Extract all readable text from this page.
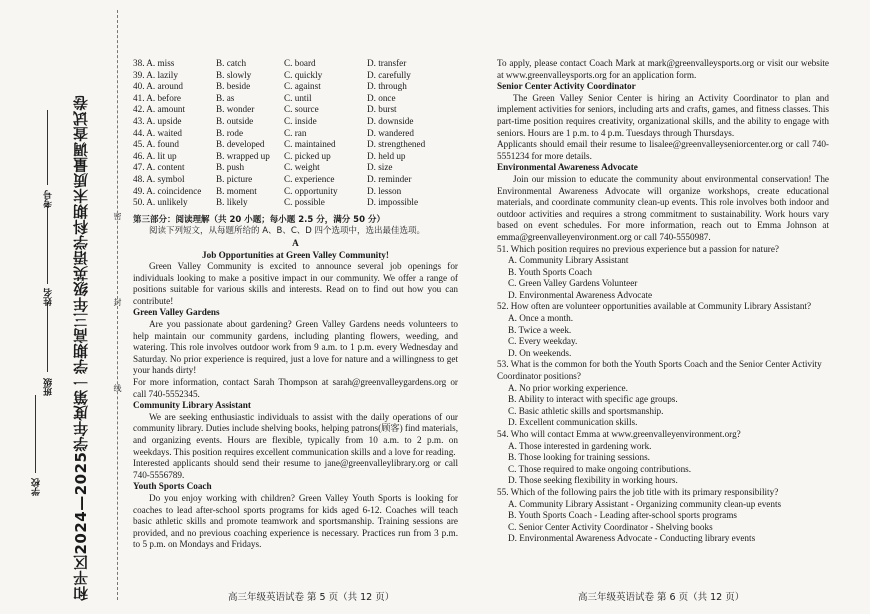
和平区2024—2025学年度第一学期高三年级英语学科期末质量调查试卷
学校
班级
姓名
考号
密
封
线
38. A. miss	B. catch	C. board	D. transfer
39. A. lazily	B. slowly	C. quickly	D. carefully
40. A. around	B. beside	C. against	D. through
41. A. before	B. as	C. until	D. once
42. A. amount	B. wonder	C. source	D. burst
43. A. upside	B. outside	C. inside	D. downside
44. A. waited	B. rode	C. ran	D. wandered
45. A. found	B. developed	C. maintained	D. strengthened
46. A. lit up	B. wrapped up	C. picked up	D. held up
47. A. content	B. push	C. weight	D. size
48. A. symbol	B. picture	C. experience	D. reminder
49. A. coincidence	B. moment	C. opportunity	D. lesson
50. A. unlikely	B. likely	C. possible	D. impossible
第三部分：阅读理解（共 20 小题；每小题 2.5 分，满分 50 分）
阅读下列短文，从每题所给的 A、B、C、D 四个选项中，选出最佳选项。
A
Job Opportunities at Green Valley Community!

Green Valley Community is excited to announce several job openings for individuals looking to make a positive impact in our community. We offer a range of positions suitable for various skills and interests. Read on to find out how you can contribute!

Green Valley Gardens

Are you passionate about gardening? Green Valley Gardens needs volunteers to help maintain our community gardens, including planting flowers, weeding, and watering. This role involves outdoor work from 9 a.m. to 1 p.m. every Wednesday and Saturday. No prior experience is required, just a love for nature and a willingness to get your hands dirty!

For more information, contact Sarah Thompson at sarah@greenvalleygardens.org or call 740-5552345.

Community Library Assistant

We are seeking enthusiastic individuals to assist with the daily operations of our community library. Duties include shelving books, helping patrons(顾客) find materials, and organizing events. Hours are flexible, typically from 10 a.m. to 2 p.m. on weekdays. This position requires excellent communication skills and a love for reading.

Interested applicants should send their resume to jane@greenvalleylibrary.org or call 740-5556789.

Youth Sports Coach

Do you enjoy working with children? Green Valley Youth Sports is looking for coaches to lead after-school sports programs for kids aged 6-12. Coaches will teach basic athletic skills and promote teamwork and sportsmanship. Training sessions are provided, and no previous coaching experience is necessary. Practices run from 3 p.m. to 5 p.m. on Mondays and Fridays.

To apply, please contact Coach Mark at mark@greenvalleysports.org or visit our website at www.greenvalleysports.org for an application form.

Senior Center Activity Coordinator

The Green Valley Senior Center is hiring an Activity Coordinator to plan and implement activities for seniors, including arts and crafts, games, and fitness classes. This part-time position requires creativity, organizational skills, and the ability to engage with seniors. Hours are 1 p.m. to 4 p.m. Tuesdays through Thursdays.

Applicants should email their resume to lisalee@greenvalleyseniorcenter.org or call 740-5551234 for more details.

Environmental Awareness Advocate

Join our mission to educate the community about environmental conservation! The Environmental Awareness Advocate will organize workshops, create educational materials, and coordinate community clean-up events. This role involves both indoor and outdoor activities and requires a strong commitment to sustainability. Work hours vary based on event schedules. For more information, reach out to Emma Johnson at emma@greenvalleyenvironment.org or call 740-5550987.

51. Which position requires no previous experience but a passion for nature?
A. Community Library Assistant
B. Youth Sports Coach
C. Green Valley Gardens Volunteer
D. Environmental Awareness Advocate
52. How often are volunteer opportunities available at Community Library Assistant?
A. Once a month.
B. Twice a week.
C. Every weekday.
D. On weekends.
53. What is the common for both the Youth Sports Coach and the Senior Center Activity Coordinator positions?
A. No prior working experience.
B. Ability to interact with specific age groups.
C. Basic athletic skills and sportsmanship.
D. Excellent communication skills.
54. Who will contact Emma at www.greenvalleyenvironment.org?
A. Those interested in gardening work.
B. Those looking for training sessions.
C. Those required to make ongoing contributions.
D. Those seeking flexibility in working hours.
55. Which of the following pairs the job title with its primary responsibility?
A. Community Library Assistant - Organizing community clean-up events
B. Youth Sports Coach - Leading after-school sports programs
C. Senior Center Activity Coordinator - Shelving books
D. Environmental Awareness Advocate - Conducting library events
高三年级英语试卷 第 5 页（共 12 页）	高三年级英语试卷 第 6 页（共 12 页）
